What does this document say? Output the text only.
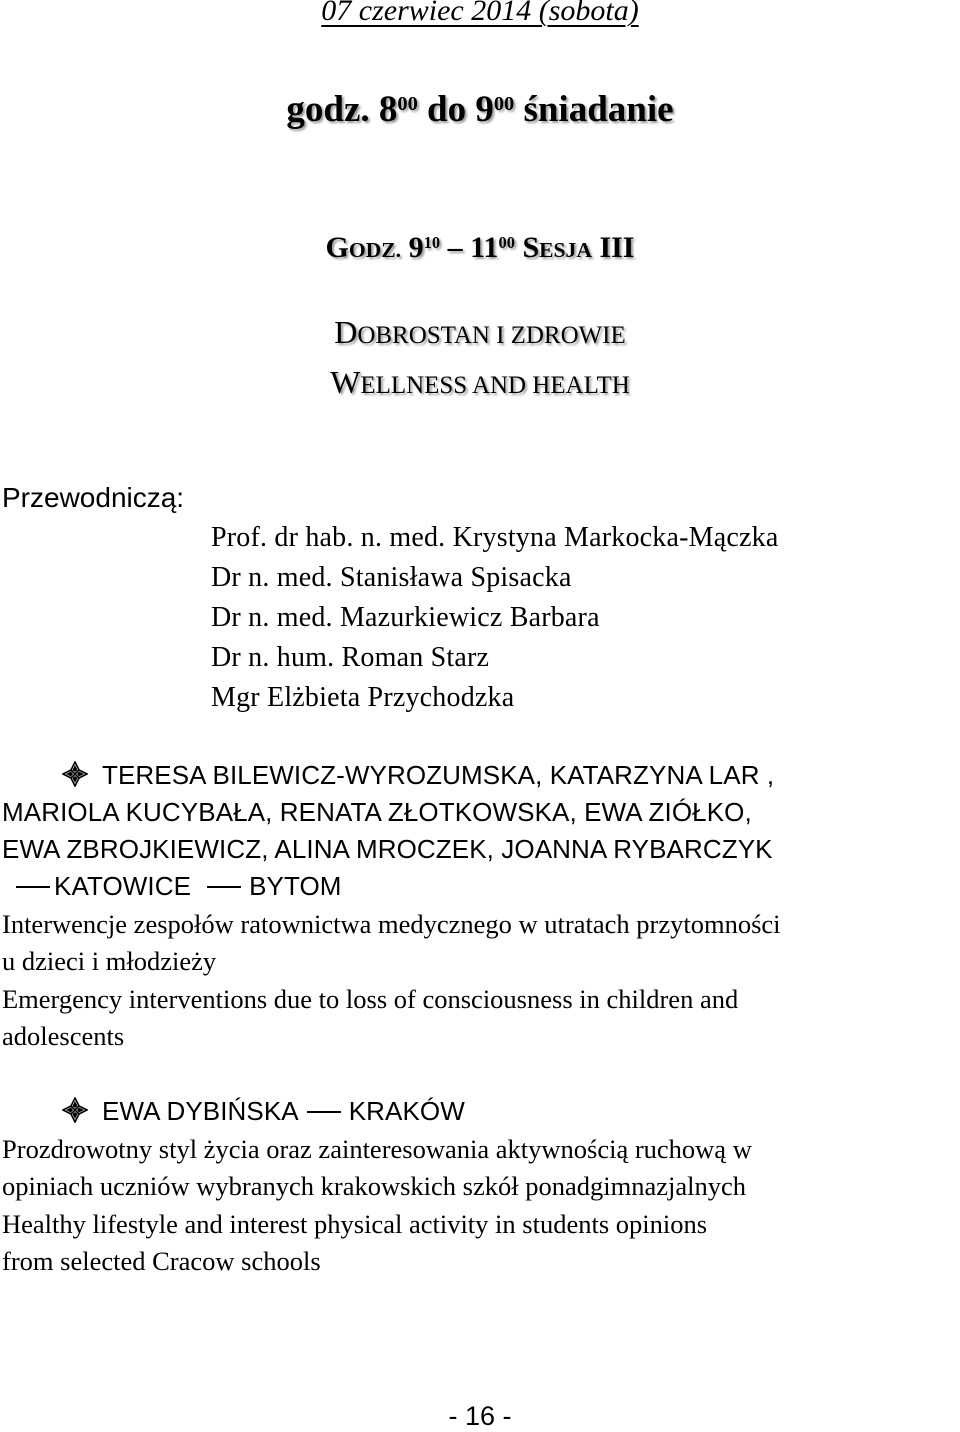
07 czerwiec 2014 (sobota)
godz. $8^{00}$ do $9^{00}$ śniadanie
GODZ. $9^{10} - 11^{00}$ SESJA III
DOBROSTAN I ZDROWIE
WELLNESS AND HEALTH
Przewodniczą:
Prof. dr hab. n. med. Krystyna Markocka-Mączka
Dr n. med. Stanisława Spisacka
Dr n. med. Mazurkiewicz Barbara
Dr n. hum. Roman Starz
Mgr Elżbieta Przychodzka
TERESA BILEWICZ-WYROZUMSKA, KATARZYNA LAR ,
MARIOLA KUCYBAŁA, RENATA ZŁOTKOWSKA, EWA ZIÓŁKO,
EWA ZBROJKIEWICZ, ALINA MROCZEK, JOANNA RYBARCZYK
KATOWICE BYTOM
Interwencje zespołów ratownictwa medycznego w utratach przytomności
u dzieci i młodzieży
Emergency interventions due to loss of consciousness in children and
adolescents
EWA DYBIŃSKA KRAKÓW
Prozdrowotny styl życia oraz zainteresowania aktywnością ruchową w
opiniach uczniów wybranych krakowskich szkół ponadgimnazjalnych
Healthy lifestyle and interest physical activity in students opinions
from selected Cracow schools
- 16 -
